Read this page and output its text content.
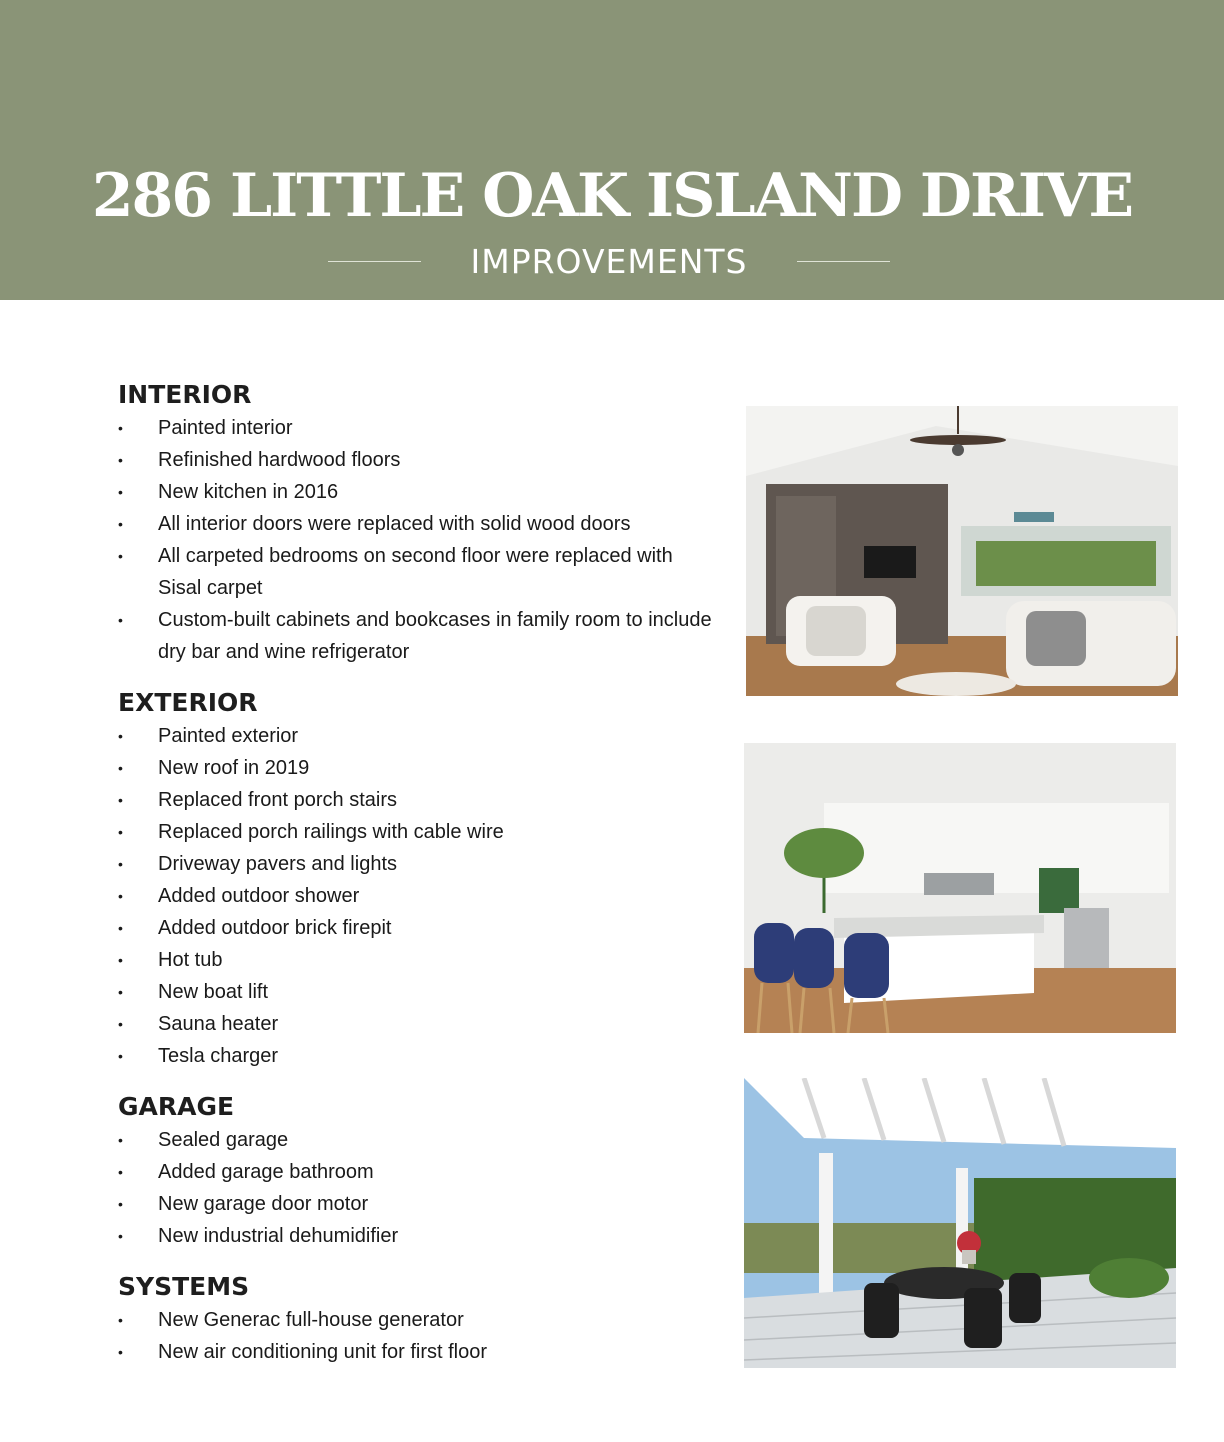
286 LITTLE OAK ISLAND DRIVE
IMPROVEMENTS
INTERIOR
• Painted interior
• Refinished hardwood floors
• New kitchen in 2016
• All interior doors were replaced with solid wood doors
• All carpeted bedrooms on second floor were replaced with Sisal carpet
• Custom-built cabinets and bookcases in family room to include dry bar and wine refrigerator
EXTERIOR
• Painted exterior
• New roof in 2019
• Replaced front porch stairs
• Replaced porch railings with cable wire
• Driveway pavers and lights
• Added outdoor shower
• Added outdoor brick firepit
• Hot tub
• New boat lift
• Sauna heater
• Tesla charger
GARAGE
• Sealed garage
• Added garage bathroom
• New garage door motor
• New industrial dehumidifier
SYSTEMS
• New Generac full-house generator
• New air conditioning unit for first floor
